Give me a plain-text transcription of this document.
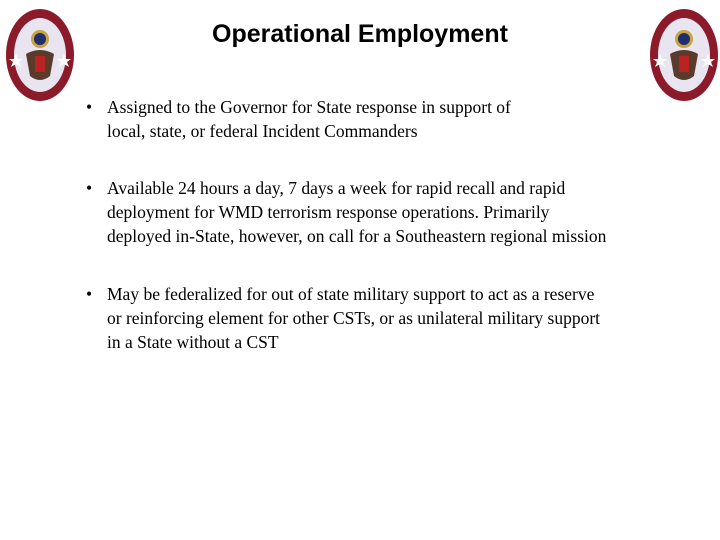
Operational Employment
• Assigned to the Governor for State response in support of
local, state, or federal Incident Commanders
• Available 24 hours a day, 7 days a week for rapid recall and rapid
deployment for WMD terrorism response operations. Primarily
deployed in-State, however, on call for a Southeastern regional mission
• May be federalized for out of state military support to act as a reserve
or reinforcing element for other CSTs, or as unilateral military support
in a State without a CST
